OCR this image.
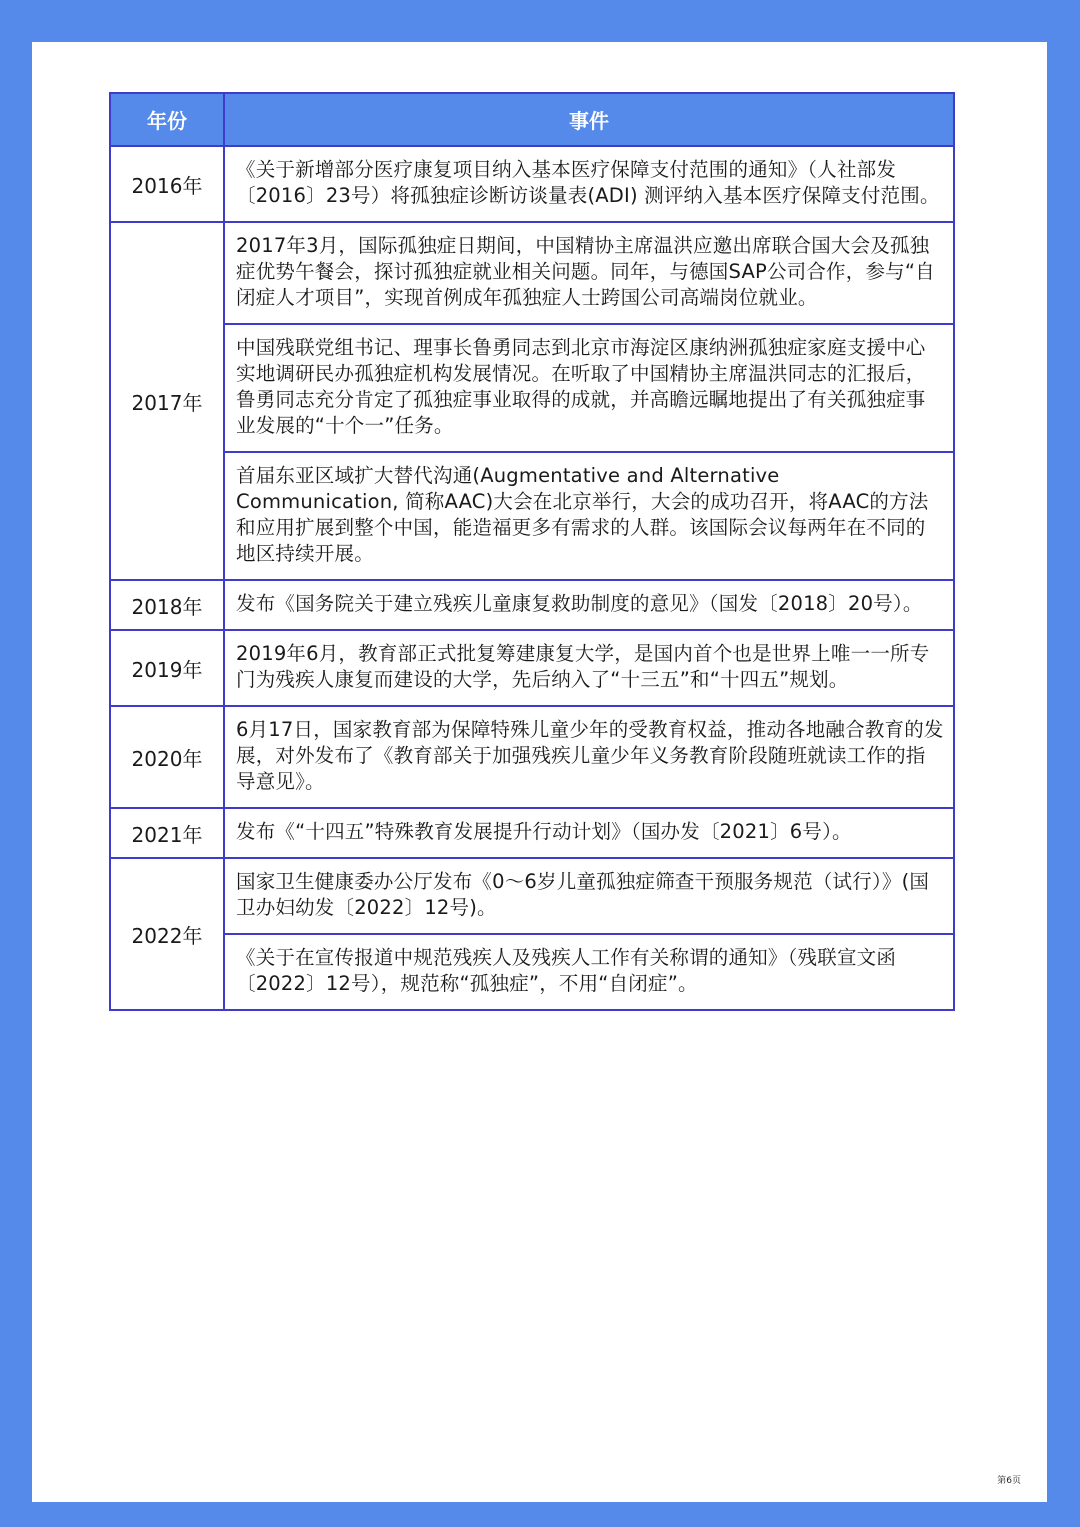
年份	事件
2016年	《关于新增部分医疗康复项目纳入基本医疗保障支付范围的通知》（人社部发〔2016〕23号）将孤独症诊断访谈量表(ADI) 测评纳入基本医疗保障支付范围。
2017年	2017年3月，国际孤独症日期间，中国精协主席温洪应邀出席联合国大会及孤独症优势午餐会，探讨孤独症就业相关问题。同年，与德国SAP公司合作，参与“自闭症人才项目”，实现首例成年孤独症人士跨国公司高端岗位就业。
	中国残联党组书记、理事长鲁勇同志到北京市海淀区康纳洲孤独症家庭支援中心实地调研民办孤独症机构发展情况。在听取了中国精协主席温洪同志的汇报后，鲁勇同志充分肯定了孤独症事业取得的成就，并高瞻远瞩地提出了有关孤独症事业发展的“十个一”任务。
	首届东亚区域扩大替代沟通(Augmentative and Alternative Communication, 简称AAC)大会在北京举行，大会的成功召开，将AAC的方法和应用扩展到整个中国，能造福更多有需求的人群。该国际会议每两年在不同的地区持续开展。
2018年	发布《国务院关于建立残疾儿童康复救助制度的意见》（国发〔2018〕20号）。
2019年	2019年6月，教育部正式批复筹建康复大学，是国内首个也是世界上唯一一所专门为残疾人康复而建设的大学，先后纳入了“十三五”和“十四五”规划。
2020年	6月17日，国家教育部为保障特殊儿童少年的受教育权益，推动各地融合教育的发展，对外发布了《教育部关于加强残疾儿童少年义务教育阶段随班就读工作的指导意见》。
2021年	发布《“十四五”特殊教育发展提升行动计划》（国办发〔2021〕6号）。
2022年	国家卫生健康委办公厅发布《0～6岁儿童孤独症筛查干预服务规范（试行）》(国卫办妇幼发〔2022〕12号)。
	《关于在宣传报道中规范残疾人及残疾人工作有关称谓的通知》（残联宣文函〔2022〕12号），规范称“孤独症”，不用“自闭症”。
第6页
